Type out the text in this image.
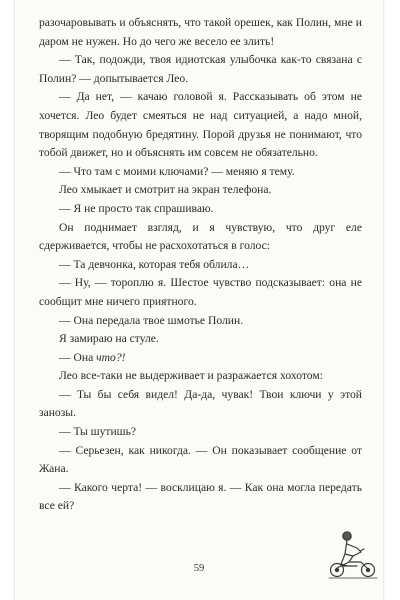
разочаровывать и объяснять, что такой орешек, как Полин, мне и даром не нужен. Но до чего же весело ее злить!

— Так, подожди, твоя идиотская улыбочка как-то связана с Полин? — допытывается Лео.

— Да нет, — качаю головой я. Рассказывать об этом не хочется. Лео будет смеяться не над ситуацией, а надо мной, творящим подобную бредятину. Порой друзья не понимают, что тобой движет, но и объяснять им совсем не обязательно.

— Что там с моими ключами? — меняю я тему.

Лео хмыкает и смотрит на экран телефона.

— Я не просто так спрашиваю.

Он поднимает взгляд, и я чувствую, что друг еле сдерживается, чтобы не расхохотаться в голос:

— Та девчонка, которая тебя облила…

— Ну, — тороплю я. Шестое чувство подсказывает: она не сообщит мне ничего приятного.

— Она передала твое шмотье Полин.

Я замираю на стуле.

— Она что?!

Лео все-таки не выдерживает и разражается хохотом:

— Ты бы себя видел! Да-да, чувак! Твои ключи у этой занозы.

— Ты шутишь?

— Серьезен, как никогда. — Он показывает сообщение от Жана.

— Какого черта! — восклицаю я. — Как она могла передать все ей?

59
